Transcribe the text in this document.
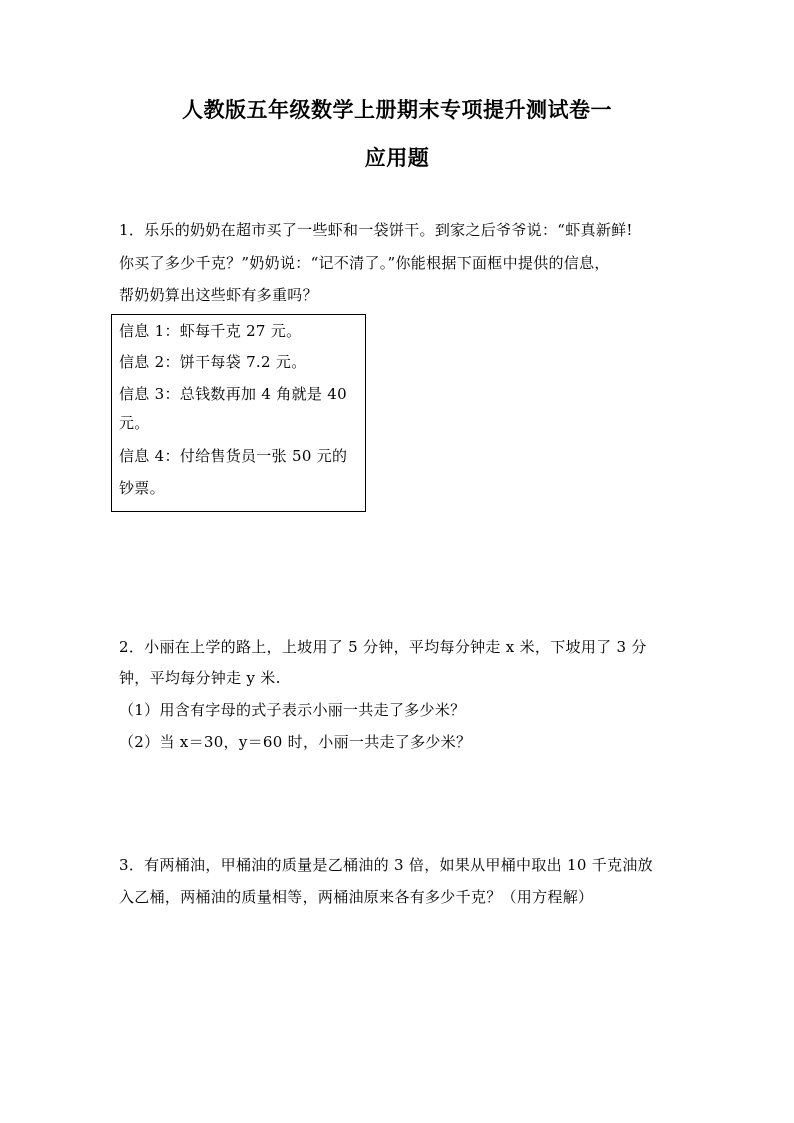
人教版五年级数学上册期末专项提升测试卷一
应用题
1．乐乐的奶奶在超市买了一些虾和一袋饼干。到家之后爷爷说：“虾真新鲜!
你买了多少千克？”奶奶说：“记不清了。”你能根据下面框中提供的信息，
帮奶奶算出这些虾有多重吗？
信息 1：虾每千克 27 元。
信息 2：饼干每袋 7.2 元。
信息 3：总钱数再加 4 角就是 40
元。
信息 4：付给售货员一张 50 元的
钞票。
2．小丽在上学的路上，上坡用了 5 分钟，平均每分钟走 x 米，下坡用了 3 分
钟，平均每分钟走 y 米.
（1）用含有字母的式子表示小丽一共走了多少米？
（2）当 x＝30，y＝60 时，小丽一共走了多少米？
3．有两桶油，甲桶油的质量是乙桶油的 3 倍，如果从甲桶中取出 10 千克油放
入乙桶，两桶油的质量相等，两桶油原来各有多少千克？（用方程解）
